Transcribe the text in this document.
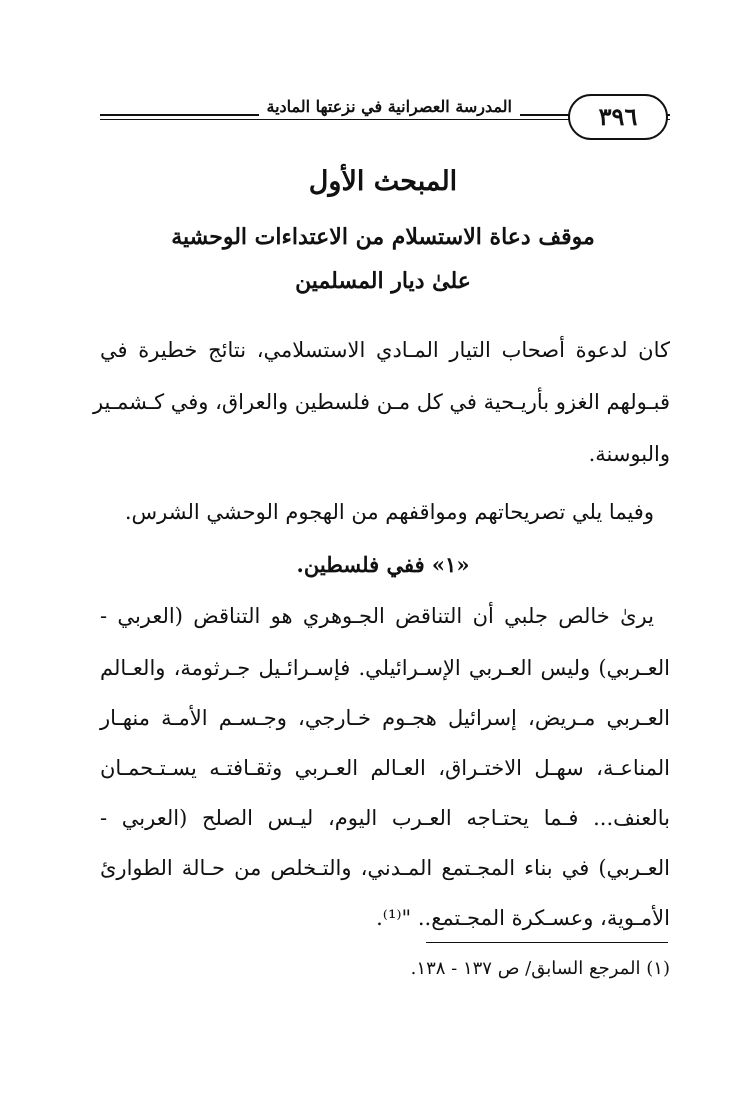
المدرسة العصرانية في نزعتها المادية	٣٩٦
المبحث الأول
موقف دعاة الاستسلام من الاعتداءات الوحشية
علىٰ ديار المسلمين
كان لدعوة أصحاب التيار المـادي الاستسلامي، نتائج خطيرة في
قبـولهم الغزو بأريـحية في كل مـن فلسطين والعراق، وفي كـشمـير
والبوسنة.
وفيما يلي تصريحاتهم ومواقفهم من الهجوم الوحشي الشرس.
«١» ففي فلسطين.
يرىٰ خالص جلبي أن التناقض الجـوهري هو التناقض (العربي -
العـربي) وليس العـربي الإسـرائيلي. فإسـرائـيل جـرثومة، والعـالم
العـربي مـريض، إسرائيل هجـوم خـارجي، وجـسـم الأمـة منهـار
المناعـة، سهـل الاختـراق، العـالم العـربي وثقـافتـه يسـتـحمـان
بالعنف... فـما يحتـاجه العـرب اليوم، ليـس الصلح (العربي -
العـربي) في بناء المجـتمع المـدني، والتـخلص من حـالة الطوارئ
الأمـوية، وعسـكرة المجـتمع.. "⁽¹⁾.
(١) المرجع السابق/ ص ١٣٧ - ١٣٨.
